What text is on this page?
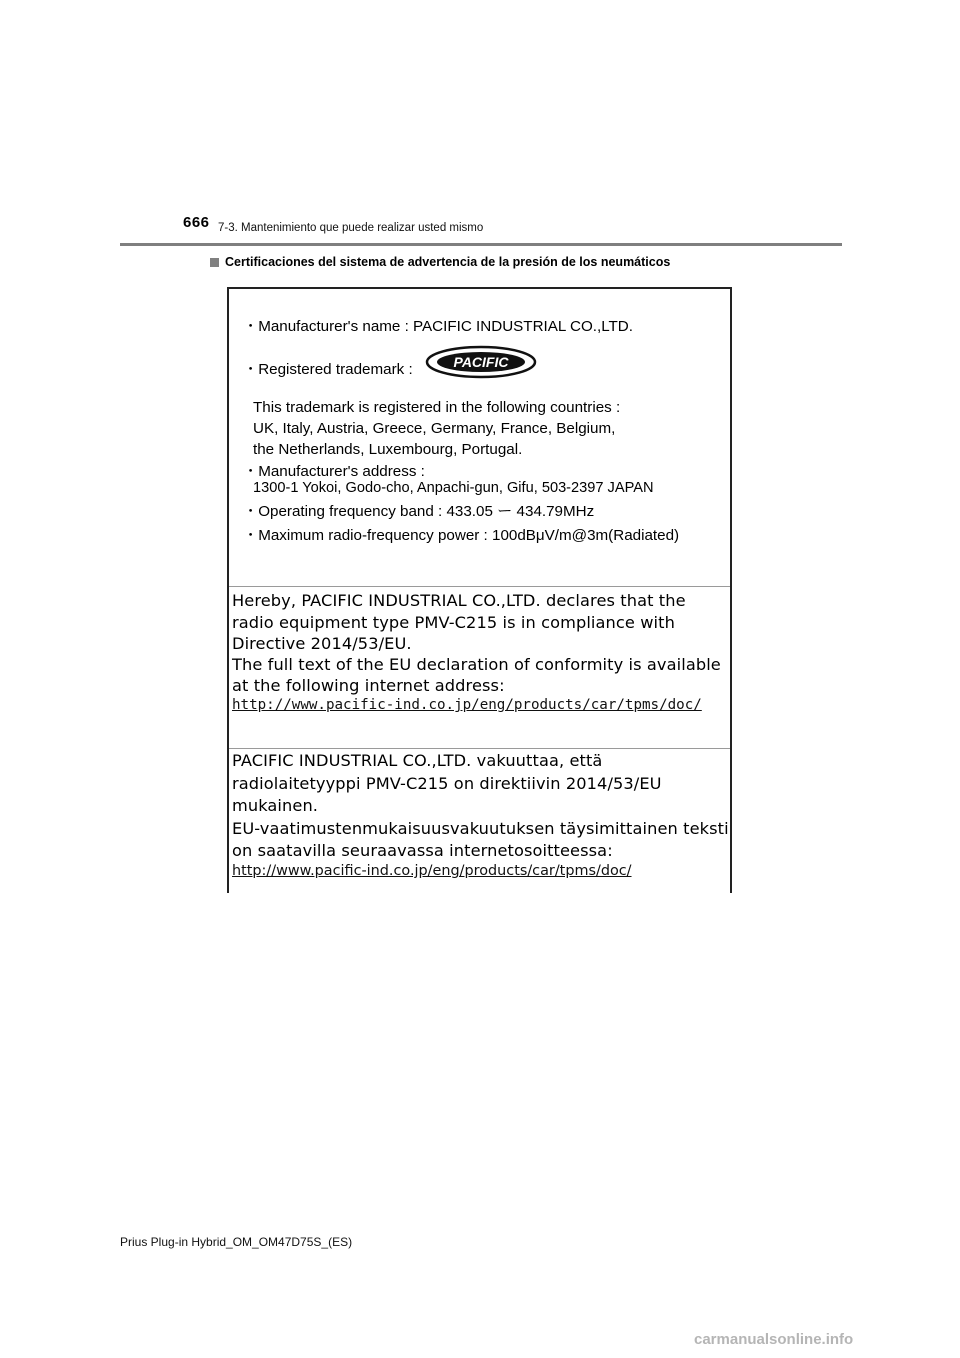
666 7-3. Mantenimiento que puede realizar usted mismo
Certificaciones del sistema de advertencia de la presión de los neumáticos
・Manufacturer's name : PACIFIC INDUSTRIAL CO.,LTD.
・Registered trademark :	PACIFIC
This trademark is registered in the following countries :
UK, Italy, Austria, Greece, Germany, France, Belgium,
the Netherlands, Luxembourg, Portugal.
・Manufacturer's address :
1300-1 Yokoi, Godo-cho, Anpachi-gun, Gifu, 503-2397 JAPAN
・Operating frequency band : 433.05 ー 434.79MHz
・Maximum radio-frequency power : 100dBμV/m@3m(Radiated)
Hereby, PACIFIC INDUSTRIAL CO.,LTD. declares that the
radio equipment type PMV-C215 is in compliance with
Directive 2014/53/EU.
The full text of the EU declaration of conformity is available
at the following internet address:
http://www.pacific-ind.co.jp/eng/products/car/tpms/doc/
PACIFIC INDUSTRIAL CO.,LTD. vakuuttaa, että
radiolaitetyyppi PMV-C215 on direktiivin 2014/53/EU
mukainen.
EU-vaatimustenmukaisuusvakuutuksen täysimittainen teksti
on saatavilla seuraavassa internetosoitteessa:
http://www.pacific-ind.co.jp/eng/products/car/tpms/doc/
Prius Plug-in Hybrid_OM_OM47D75S_(ES)
carmanualsonline.info
